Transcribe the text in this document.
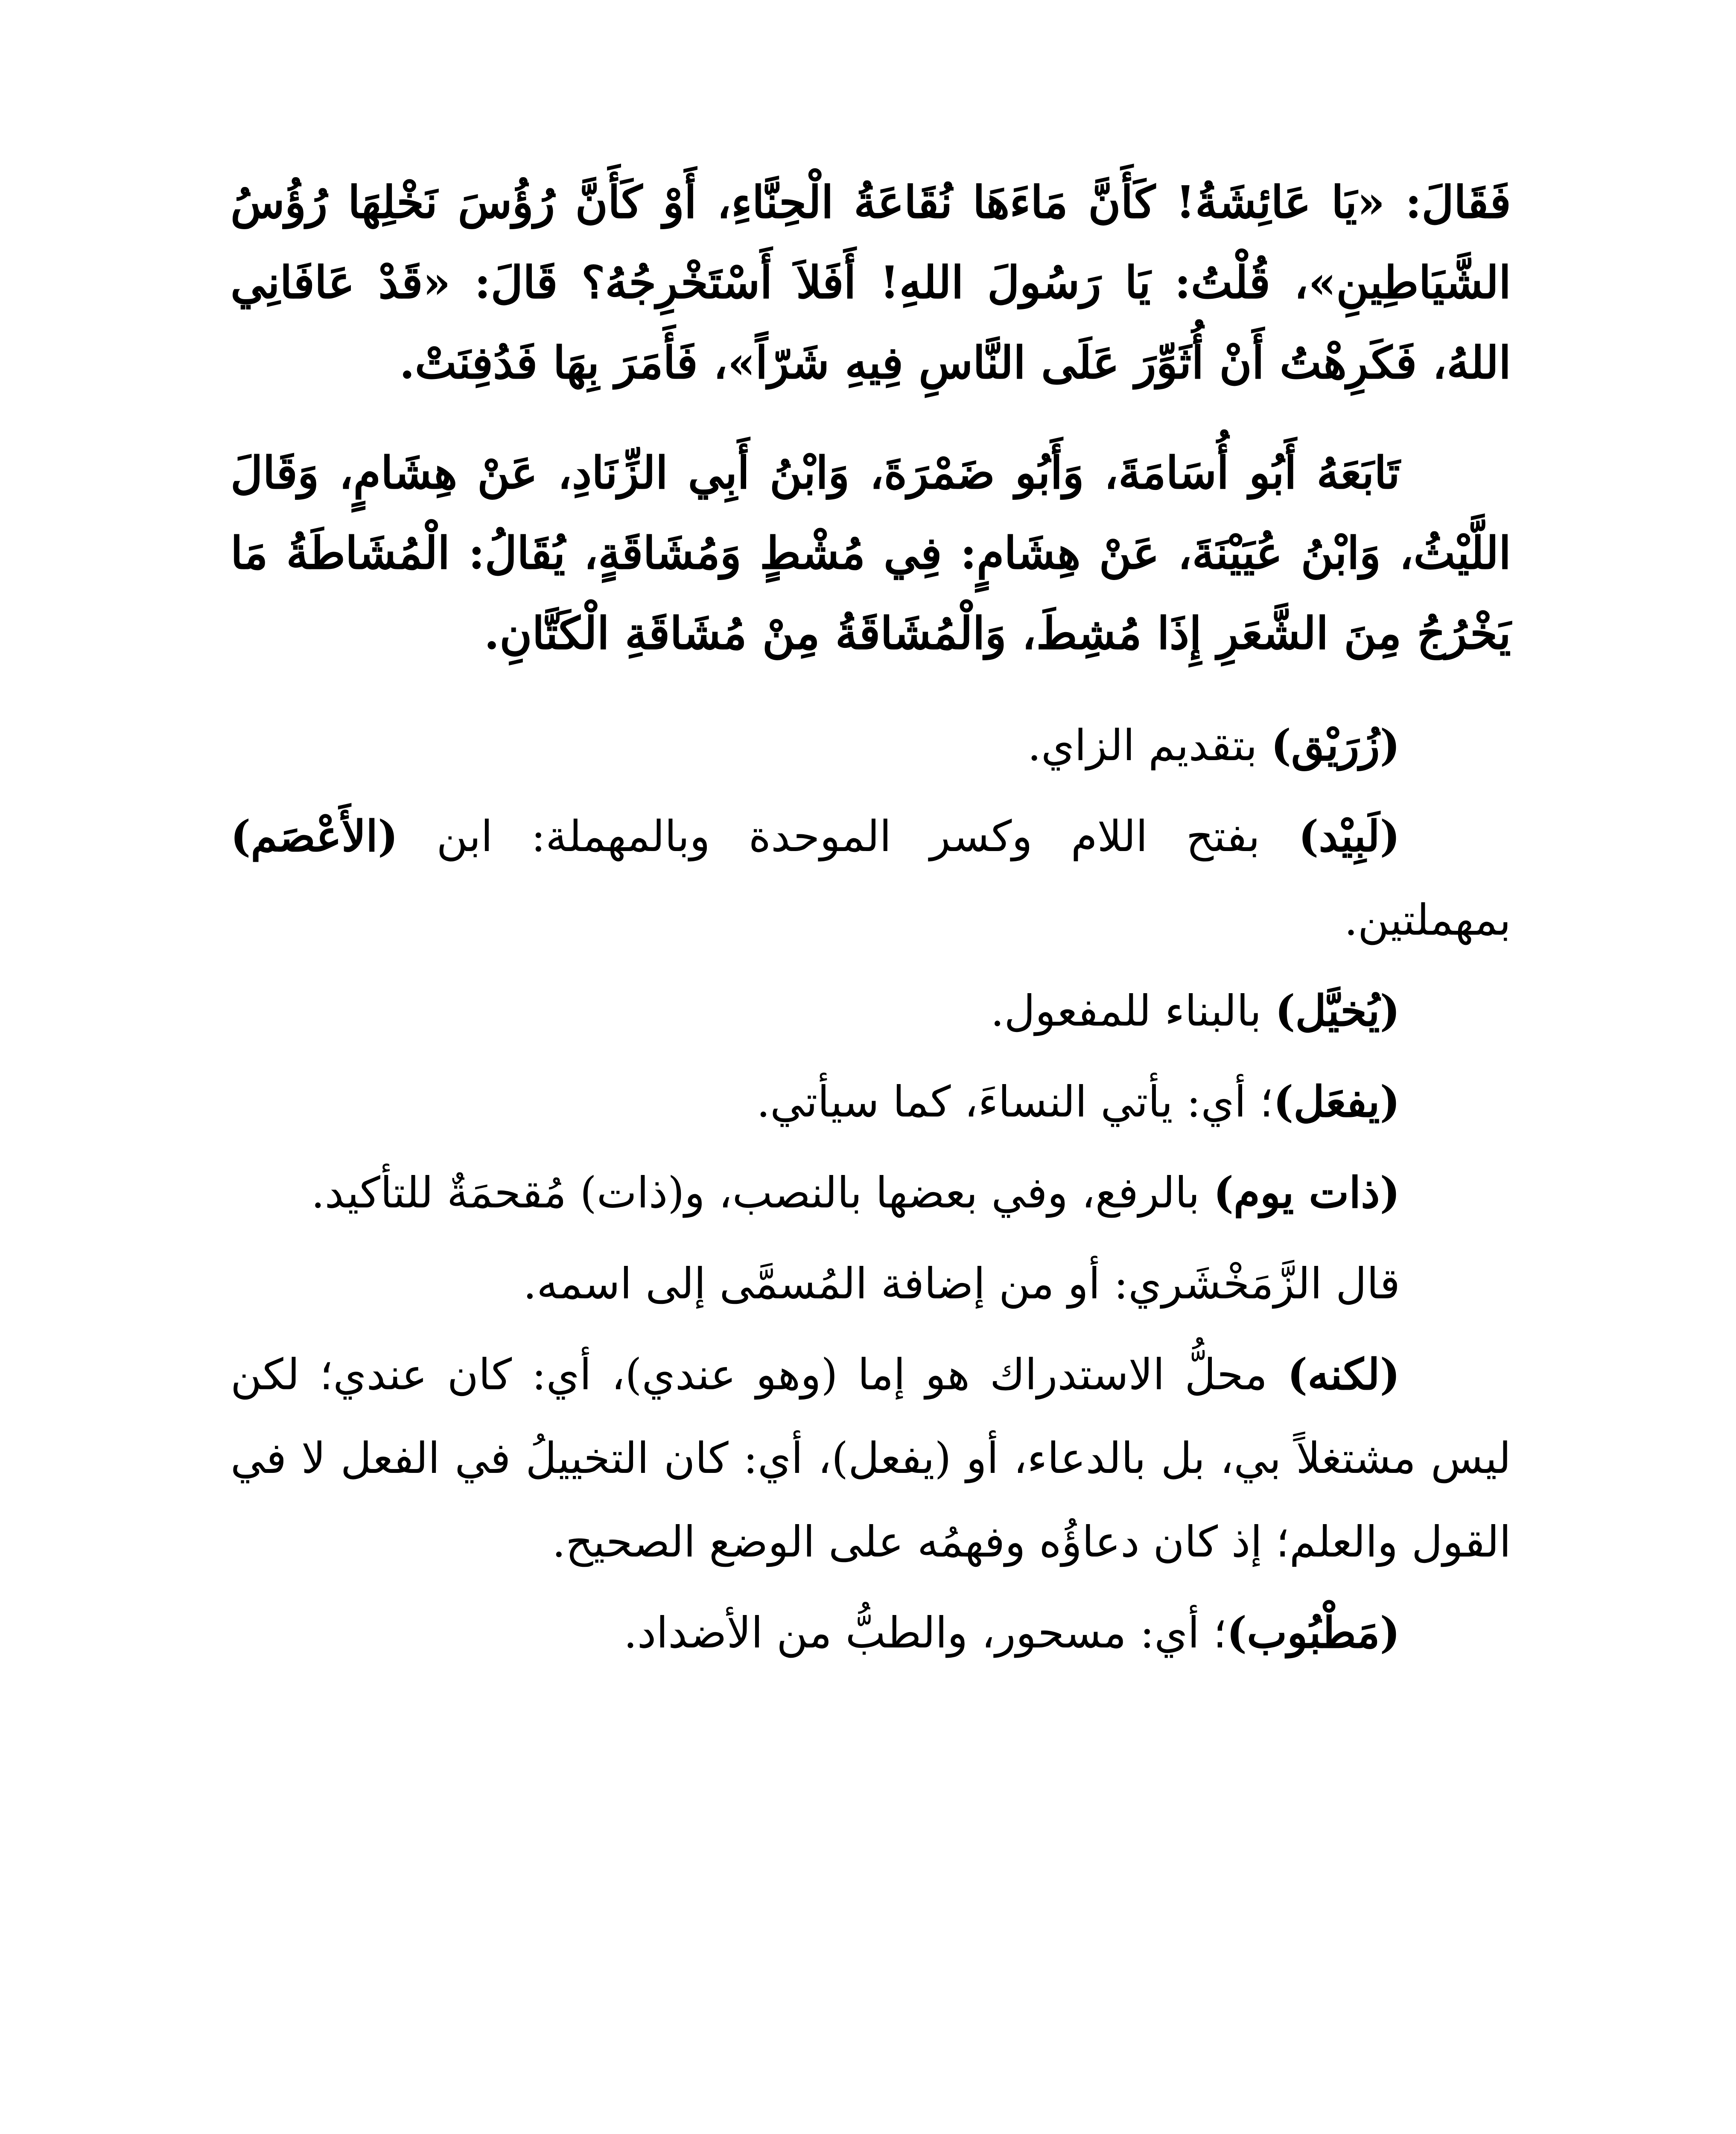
فَقَالَ: «يَا عَائِشَةُ! كَأَنَّ مَاءَهَا نُقَاعَةُ الْحِنَّاءِ، أَوْ كَأَنَّ رُؤُسَ نَخْلِهَا رُؤُسُ الشَّيَاطِينِ»، قُلْتُ: يَا رَسُولَ اللهِ! أَفَلاَ أَسْتَخْرِجُهُ؟ قَالَ: «قَدْ عَافَانِي اللهُ، فَكَرِهْتُ أَنْ أُثَوِّرَ عَلَى النَّاسِ فِيهِ شَرّاً»، فَأَمَرَ بِهَا فَدُفِنَتْ.

تَابَعَهُ أَبُو أُسَامَةَ، وَأَبُو ضَمْرَةَ، وَابْنُ أَبِي الزِّنَادِ، عَنْ هِشَامٍ، وَقَالَ اللَّيْثُ، وَابْنُ عُيَيْنَةَ، عَنْ هِشَامٍ: فِي مُشْطٍ وَمُشَاقَةٍ، يُقَالُ: الْمُشَاطَةُ مَا يَخْرُجُ مِنَ الشَّعَرِ إِذَا مُشِطَ، وَالْمُشَاقَةُ مِنْ مُشَاقَةِ الْكَتَّانِ.

(زُرَيْق) بتقديم الزاي.

(لَبِيْد) بفتح اللام وكسر الموحدة وبالمهملة: ابن (الأَعْصَم) بمهملتين.

(يُخيَّل) بالبناء للمفعول.

(يفعَل)؛ أي: يأتي النساءَ، كما سيأتي.

(ذات يوم) بالرفع، وفي بعضها بالنصب، و(ذات) مُقحمَةٌ للتأكيد.

قال الزَّمَخْشَري: أو من إضافة المُسمَّى إلى اسمه.

(لكنه) محلُّ الاستدراك هو إما (وهو عندي)، أي: كان عندي؛ لكن ليس مشتغلاً بي، بل بالدعاء، أو (يفعل)، أي: كان التخييلُ في الفعل لا في القول والعلم؛ إذ كان دعاؤُه وفهمُه على الوضع الصحيح.

(مَطْبُوب)؛ أي: مسحور، والطبُّ من الأضداد.
